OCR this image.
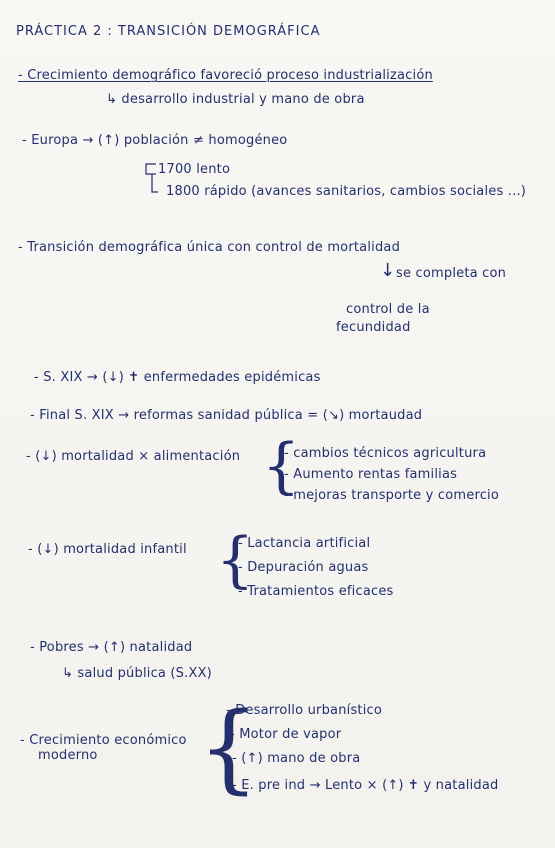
PRÁCTICA 2 : TRANSICIÓN DEMOGRÁFICA
- Crecimiento demográfico favoreció proceso industrialización
↳ desarrollo industrial y mano de obra
- Europa → (↑) población ≠ homogéneo
1700 lento
1800 rápido (avances sanitarios, cambios sociales ...)
- Transición demográfica única con control de mortalidad
↓ se completa con
control de la
fecundidad
- S. XIX → (↓) ✝ enfermedades epidémicas
- Final S. XIX → reformas sanidad pública = (↘) mortaudad
- (↓) mortalidad × alimentación {
- cambios técnicos agricultura
- Aumento rentas familias
- mejoras transporte y comercio
- (↓) mortalidad infantil {
- Lactancia artificial
- Depuración aguas
- Tratamientos eficaces
- Pobres → (↑) natalidad
↳ salud pública (S.XX)
- Crecimiento económico
moderno {
- Desarrollo urbanístico
- Motor de vapor
- (↑) mano de obra
- E. pre ind → Lento × (↑) ✝ y natalidad
